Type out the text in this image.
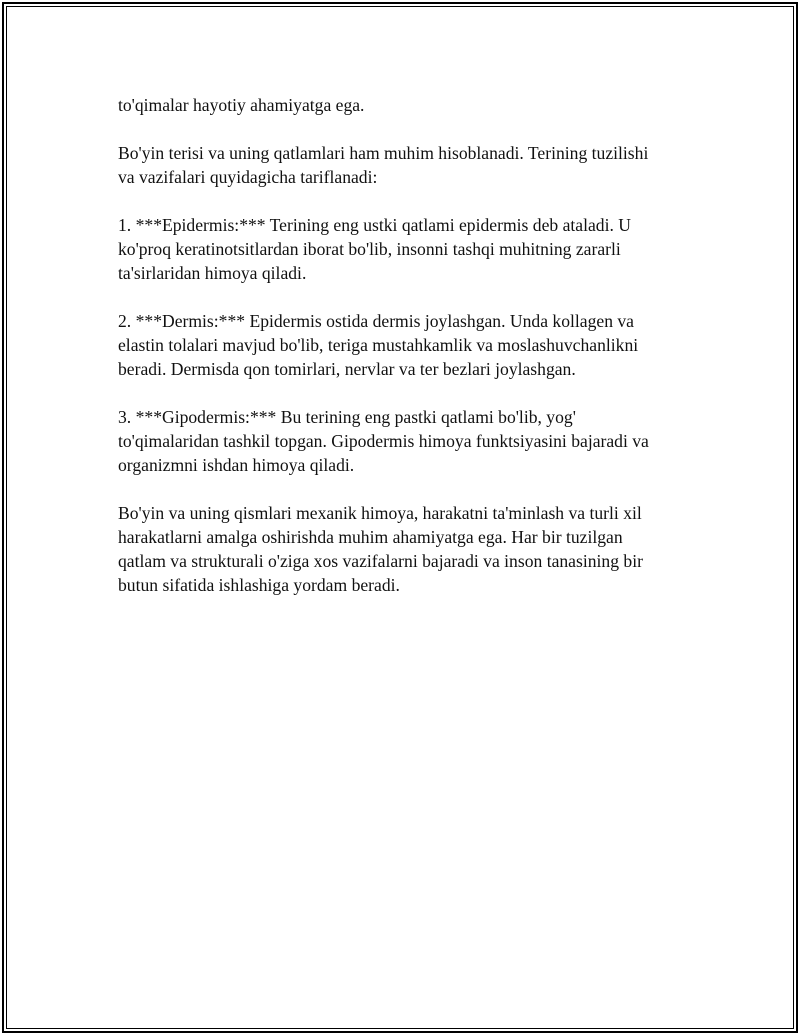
to'qimalar hayotiy ahamiyatga ega.

Bo'yin terisi va uning qatlamlari ham muhim hisoblanadi. Terining tuzilishi
va vazifalari quyidagicha tariflanadi:

1. ***Epidermis:*** Terining eng ustki qatlami epidermis deb ataladi. U
ko'proq keratinotsitlardan iborat bo'lib, insonni tashqi muhitning zararli
ta'sirlaridan himoya qiladi.

2. ***Dermis:*** Epidermis ostida dermis joylashgan. Unda kollagen va
elastin tolalari mavjud bo'lib, teriga mustahkamlik va moslashuvchanlikni
beradi. Dermisda qon tomirlari, nervlar va ter bezlari joylashgan.

3. ***Gipodermis:*** Bu terining eng pastki qatlami bo'lib, yog'
to'qimalaridan tashkil topgan. Gipodermis himoya funktsiyasini bajaradi va
organizmni ishdan himoya qiladi.

Bo'yin va uning qismlari mexanik himoya, harakatni ta'minlash va turli xil
harakatlarni amalga oshirishda muhim ahamiyatga ega. Har bir tuzilgan
qatlam va strukturali o'ziga xos vazifalarni bajaradi va inson tanasining bir
butun sifatida ishlashiga yordam beradi.
